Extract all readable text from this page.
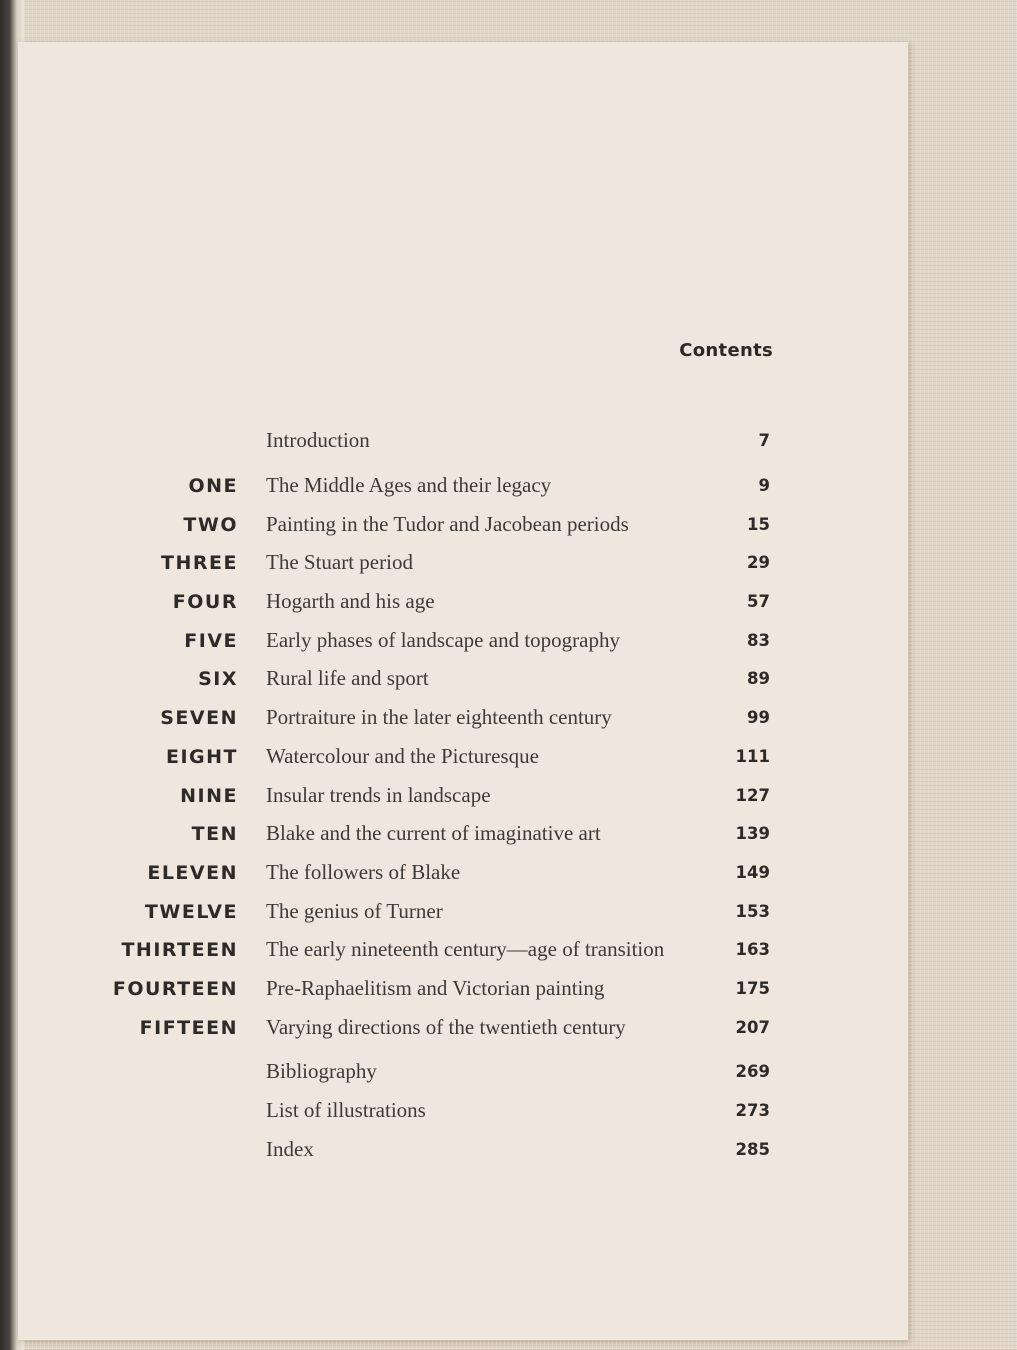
Contents
Introduction	7
ONE The Middle Ages and their legacy	9
TWO Painting in the Tudor and Jacobean periods	15
THREE The Stuart period	29
FOUR Hogarth and his age	57
FIVE Early phases of landscape and topography	83
SIX Rural life and sport	89
SEVEN Portraiture in the later eighteenth century	99
EIGHT Watercolour and the Picturesque	111
NINE Insular trends in landscape	127
TEN Blake and the current of imaginative art	139
ELEVEN The followers of Blake	149
TWELVE The genius of Turner	153
THIRTEEN The early nineteenth century—age of transition	163
FOURTEEN Pre-Raphaelitism and Victorian painting	175
FIFTEEN Varying directions of the twentieth century	207
Bibliography	269
List of illustrations	273
Index	285
